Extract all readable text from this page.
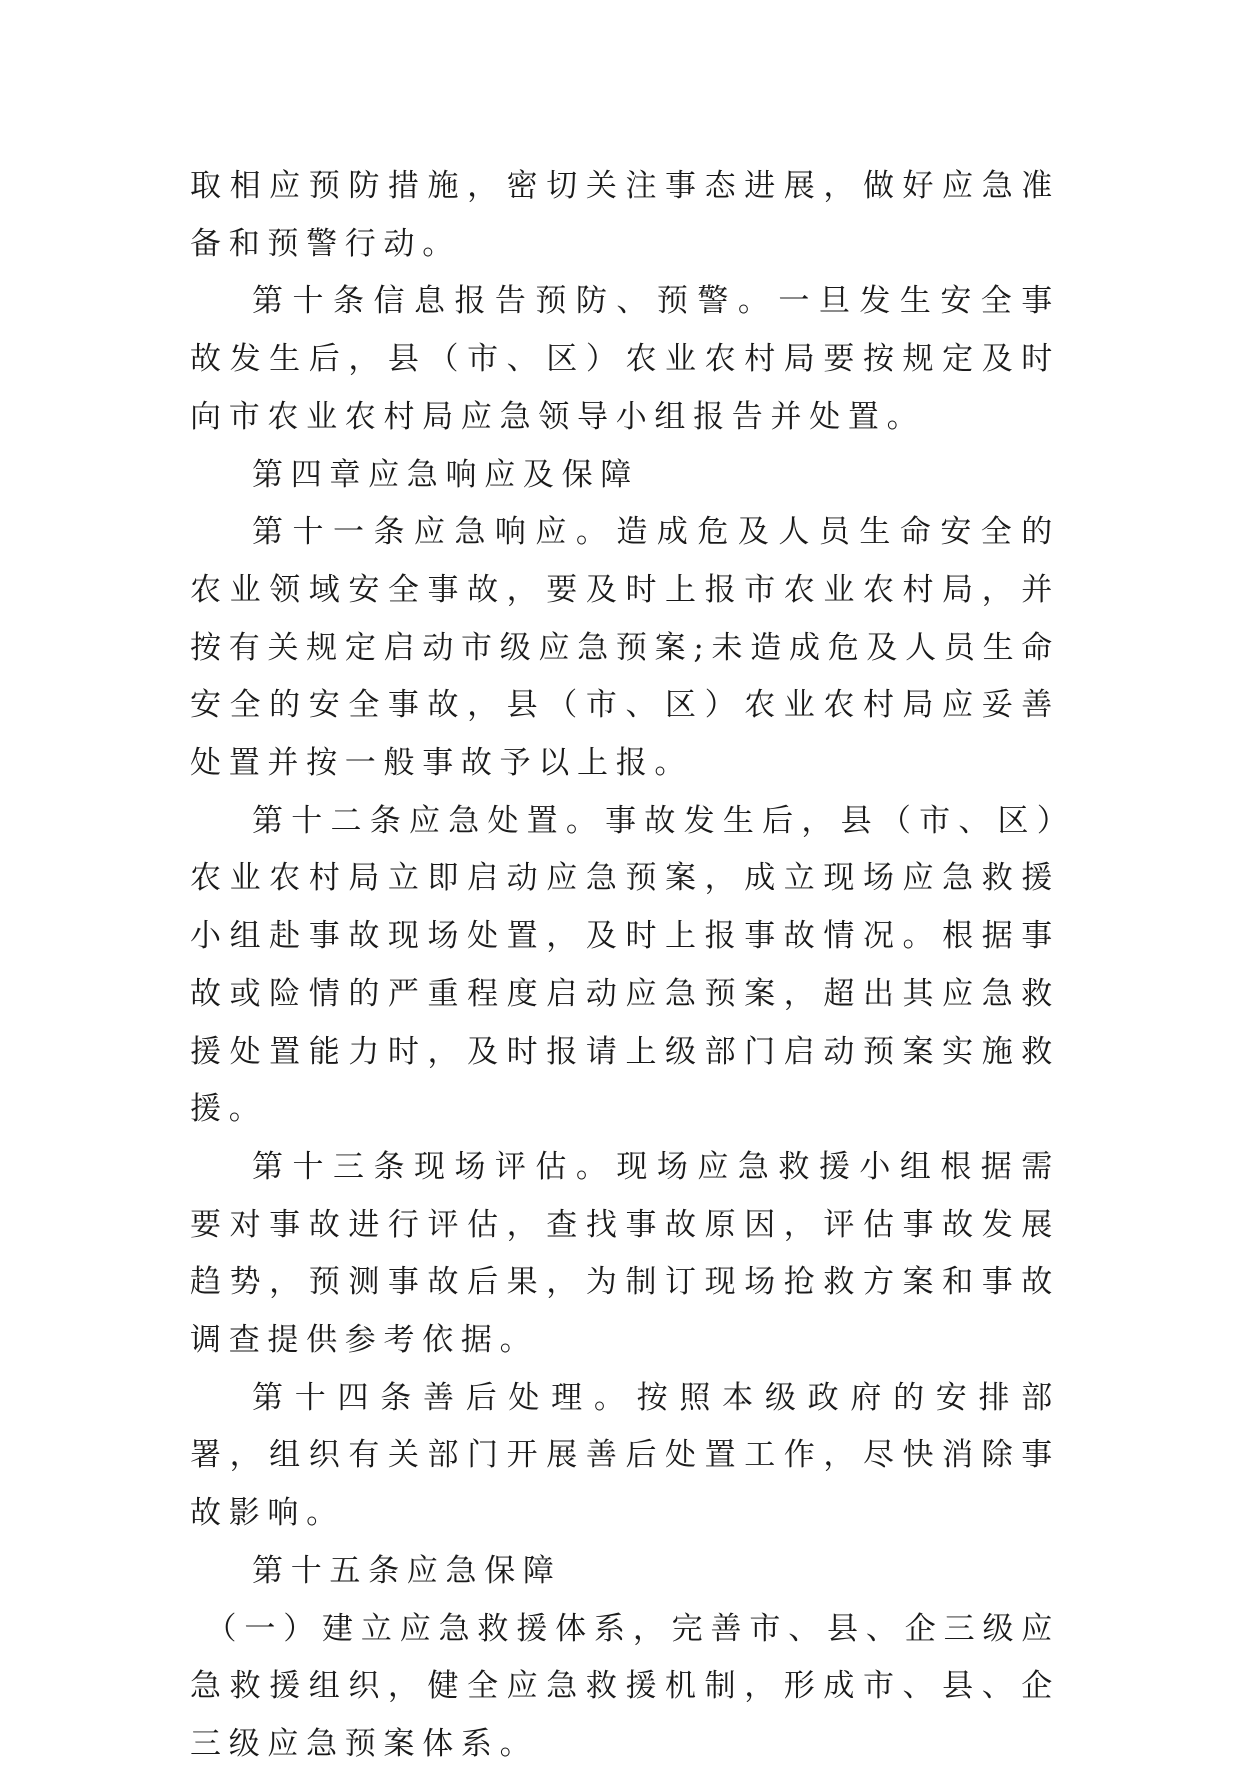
取相应预防措施，密切关注事态进展，做好应急准备和预警行动。

第十条信息报告预防、预警。一旦发生安全事故发生后，县（市、区）农业农村局要按规定及时向市农业农村局应急领导小组报告并处置。

第四章应急响应及保障

第十一条应急响应。造成危及人员生命安全的农业领域安全事故，要及时上报市农业农村局，并按有关规定启动市级应急预案;未造成危及人员生命安全的安全事故，县（市、区）农业农村局应妥善处置并按一般事故予以上报。

第十二条应急处置。事故发生后，县（市、区）农业农村局立即启动应急预案，成立现场应急救援小组赴事故现场处置，及时上报事故情况。根据事故或险情的严重程度启动应急预案，超出其应急救援处置能力时，及时报请上级部门启动预案实施救援。

第十三条现场评估。现场应急救援小组根据需要对事故进行评估，查找事故原因，评估事故发展趋势，预测事故后果，为制订现场抢救方案和事故调查提供参考依据。

第十四条善后处理。按照本级政府的安排部署，组织有关部门开展善后处置工作，尽快消除事故影响。

第十五条应急保障

（一）建立应急救援体系，完善市、县、企三级应急救援组织，健全应急救援机制，形成市、县、企三级应急预案体系。
